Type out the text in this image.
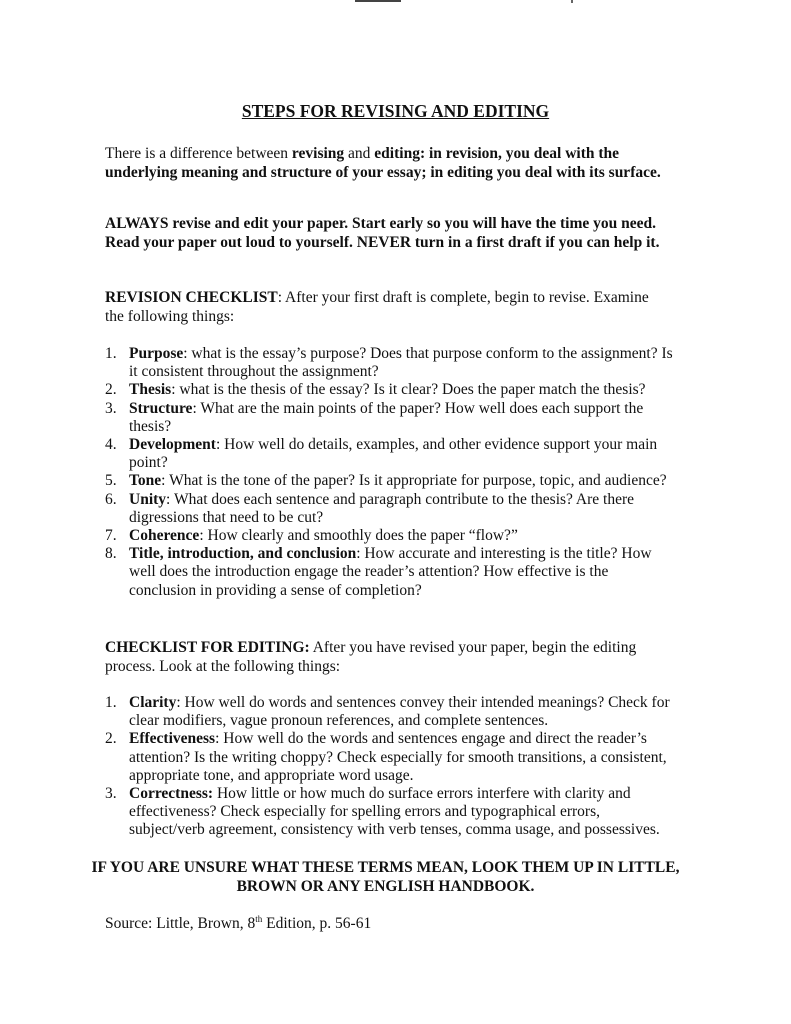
STEPS FOR REVISING AND EDITING
There is a difference between revising and editing: in revision, you deal with the underlying meaning and structure of your essay; in editing you deal with its surface.
ALWAYS revise and edit your paper. Start early so you will have the time you need. Read your paper out loud to yourself. NEVER turn in a first draft if you can help it.
REVISION CHECKLIST: After your first draft is complete, begin to revise. Examine the following things:
1. Purpose: what is the essay’s purpose? Does that purpose conform to the assignment? Is it consistent throughout the assignment?
2. Thesis: what is the thesis of the essay? Is it clear? Does the paper match the thesis?
3. Structure: What are the main points of the paper? How well does each support the thesis?
4. Development: How well do details, examples, and other evidence support your main point?
5. Tone: What is the tone of the paper? Is it appropriate for purpose, topic, and audience?
6. Unity: What does each sentence and paragraph contribute to the thesis? Are there digressions that need to be cut?
7. Coherence: How clearly and smoothly does the paper “flow?”
8. Title, introduction, and conclusion: How accurate and interesting is the title? How well does the introduction engage the reader’s attention? How effective is the conclusion in providing a sense of completion?
CHECKLIST FOR EDITING: After you have revised your paper, begin the editing process. Look at the following things:
1. Clarity: How well do words and sentences convey their intended meanings? Check for clear modifiers, vague pronoun references, and complete sentences.
2. Effectiveness: How well do the words and sentences engage and direct the reader’s attention? Is the writing choppy? Check especially for smooth transitions, a consistent, appropriate tone, and appropriate word usage.
3. Correctness: How little or how much do surface errors interfere with clarity and effectiveness? Check especially for spelling errors and typographical errors, subject/verb agreement, consistency with verb tenses, comma usage, and possessives.
IF YOU ARE UNSURE WHAT THESE TERMS MEAN, LOOK THEM UP IN LITTLE, BROWN OR ANY ENGLISH HANDBOOK.
Source: Little, Brown, 8th Edition, p. 56-61
